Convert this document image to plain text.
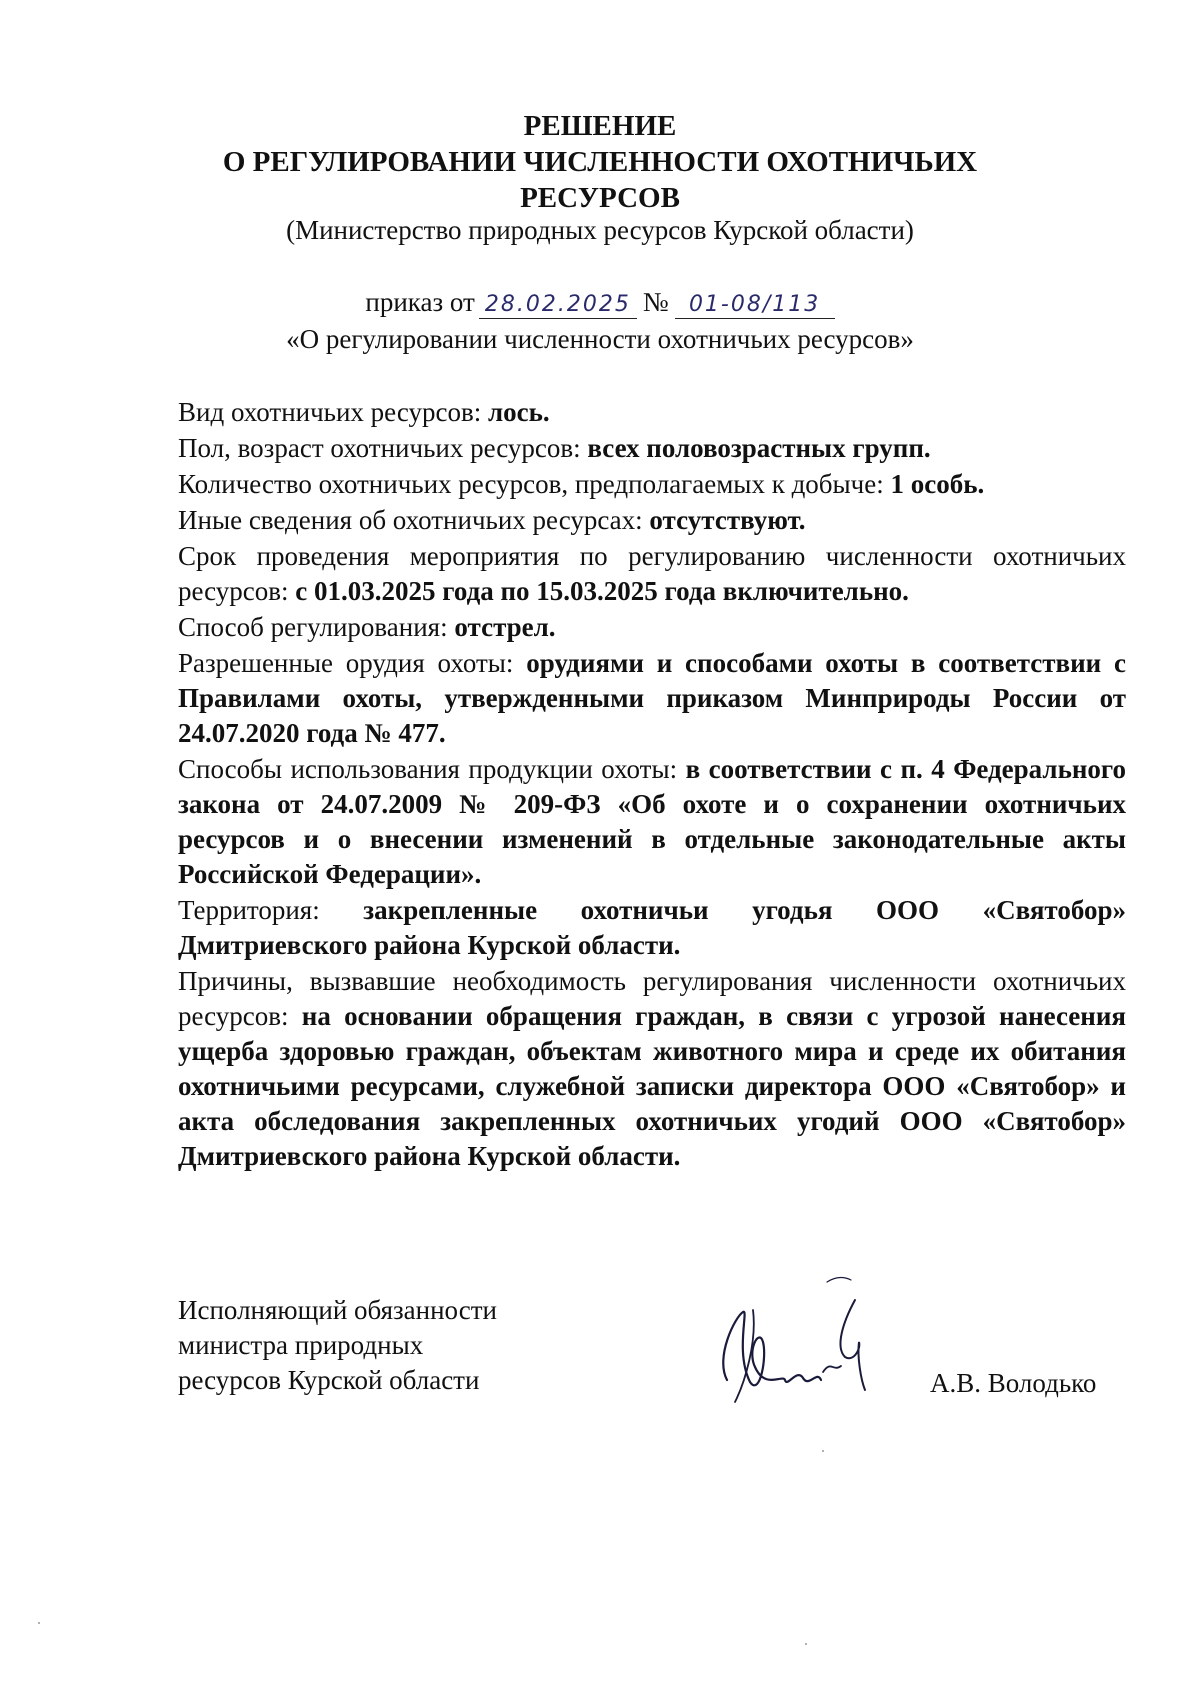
РЕШЕНИЕ
О РЕГУЛИРОВАНИИ ЧИСЛЕННОСТИ ОХОТНИЧЬИХ РЕСУРСОВ
(Министерство природных ресурсов Курской области)
приказ от 28.02.2025 № 01-08/113
«О регулировании численности охотничьих ресурсов»

Вид охотничьих ресурсов: лось.

Пол, возраст охотничьих ресурсов: всех половозрастных групп.

Количество охотничьих ресурсов, предполагаемых к добыче: 1 особь.

Иные сведения об охотничьих ресурсах: отсутствуют.

Срок проведения мероприятия по регулированию численности охотничьих ресурсов: с 01.03.2025 года по 15.03.2025 года включительно.

Способ регулирования: отстрел.

Разрешенные орудия охоты: орудиями и способами охоты в соответствии с Правилами охоты, утвержденными приказом Минприроды России от 24.07.2020 года № 477.

Способы использования продукции охоты: в соответствии с п. 4 Федерального закона от 24.07.2009 № 209-ФЗ «Об охоте и о сохранении охотничьих ресурсов и о внесении изменений в отдельные законодательные акты Российской Федерации».

Территория: закрепленные охотничьи угодья ООО «Святобор» Дмитриевского района Курской области.

Причины, вызвавшие необходимость регулирования численности охотничьих ресурсов: на основании обращения граждан, в связи с угрозой нанесения ущерба здоровью граждан, объектам животного мира и среде их обитания охотничьими ресурсами, служебной записки директора ООО «Святобор» и акта обследования закрепленных охотничьих угодий ООО «Святобор» Дмитриевского района Курской области.

Исполняющий обязанности
министра природных
ресурсов Курской области	А.В. Володько
